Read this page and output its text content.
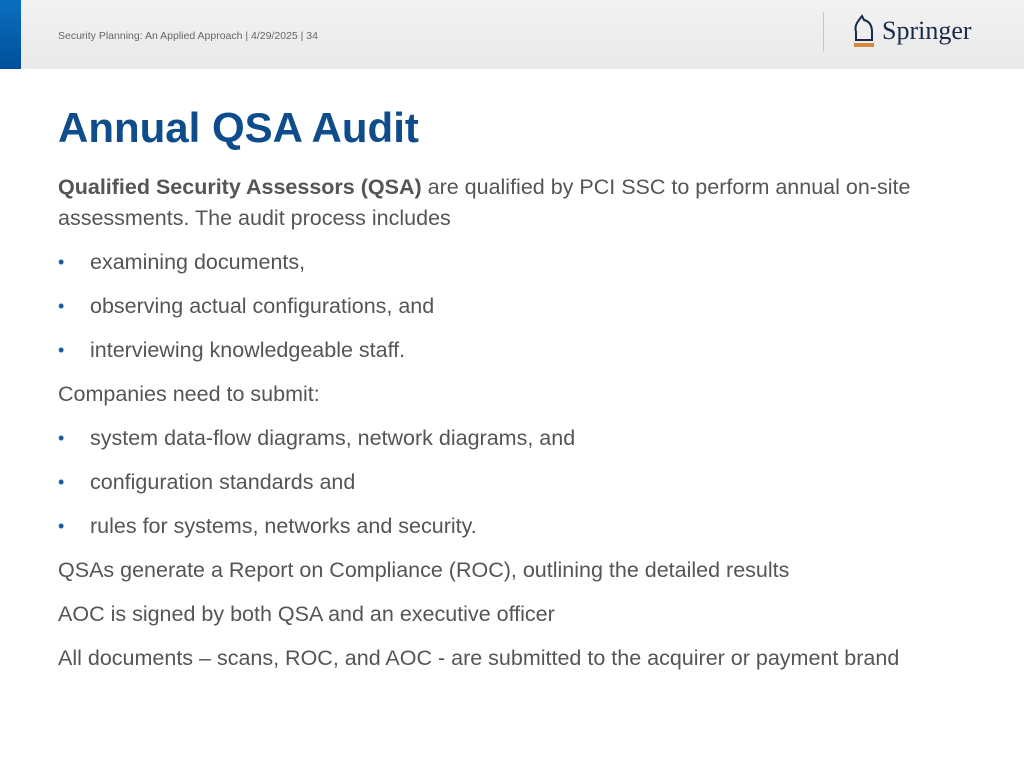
Security Planning: An Applied Approach | 4/29/2025 | 34	Springer
Annual QSA Audit
Qualified Security Assessors (QSA) are qualified by PCI SSC to perform annual on-site assessments. The audit process includes
•	examining documents,
•	observing actual configurations, and
•	interviewing knowledgeable staff.
Companies need to submit:
•	system data-flow diagrams, network diagrams, and
•	configuration standards and
•	rules for systems, networks and security.
QSAs generate a Report on Compliance (ROC), outlining the detailed results
AOC is signed by both QSA and an executive officer
All documents – scans, ROC, and AOC - are submitted to the acquirer or payment brand
